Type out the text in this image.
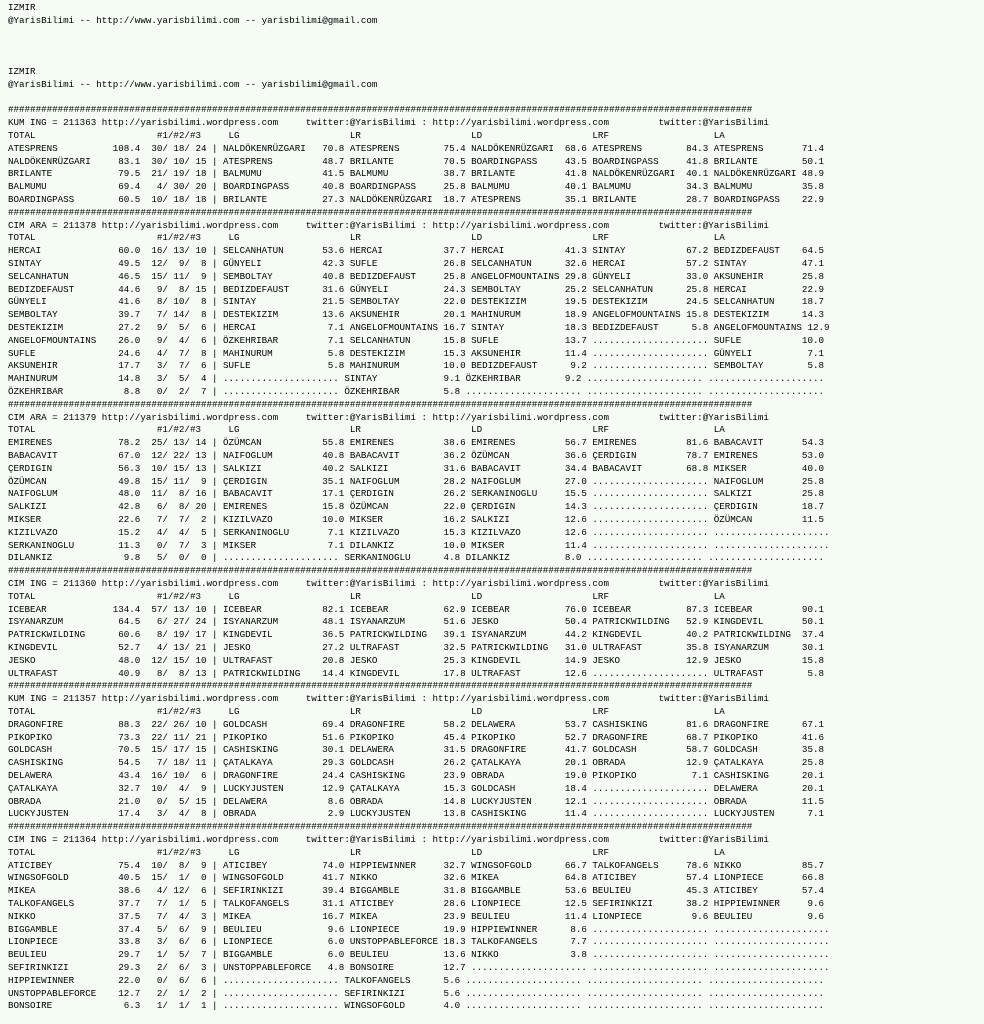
IZMIR
@YarisBilimi -- http://www.yarisbilimi.com -- yarisbilimi@gmail.com
IZMIR
@YarisBilimi -- http://www.yarisbilimi.com -- yarisbilimi@gmail.com
#######################################################################################################################################
KUM ING = 211363 http://yarisbilimi.wordpress.com     twitter:@YarisBilimi : http://yarisbilimi.wordpress.com         twitter:@YarisBilimi
TOTAL                      #1/#2/#3     LG                    LR                    LD                    LRF                   LA
ATESPRENS          108.4  30/ 18/ 24 | NALDÖKENRÜZGARI   70.8 ATESPRENS        75.4 NALDÖKENRÜZGARI  68.6 ATESPRENS        84.3 ATESPRENS       71.4
NALDÖKENRÜZGARI     83.1  30/ 10/ 15 | ATESPRENS         48.7 BRILANTE         70.5 BOARDINGPASS     43.5 BOARDINGPASS     41.8 BRILANTE        50.1
BRILANTE            79.5  21/ 19/ 18 | BALMUMU           41.5 BALMUMU          38.7 BRILANTE         41.8 NALDÖKENRÜZGARI  40.1 NALDÖKENRÜZGARI 48.9
BALMUMU             69.4   4/ 30/ 20 | BOARDINGPASS      40.8 BOARDINGPASS     25.8 BALMUMU          40.1 BALMUMU          34.3 BALMUMU         35.8
BOARDINGPASS        60.5  10/ 18/ 18 | BRILANTE          27.3 NALDÖKENRÜZGARI  18.7 ATESPRENS        35.1 BRILANTE         28.7 BOARDINGPASS    22.9
#######################################################################################################################################
CIM ARA = 211378 http://yarisbilimi.wordpress.com     twitter:@YarisBilimi : http://yarisbilimi.wordpress.com         twitter:@YarisBilimi
TOTAL                      #1/#2/#3     LG                    LR                    LD                    LRF                   LA
HERCAI              60.0  16/ 13/ 10 | SELCANHATUN       53.6 HERCAI           37.7 HERCAI           41.3 SINTAY           67.2 BEDIZDEFAUST    64.5
SINTAY              49.5  12/  9/  8 | GÜNYELI           42.3 SUFLE            26.8 SELCANHATUN      32.6 HERCAI           57.2 SINTAY          47.1
SELCANHATUN         46.5  15/ 11/  9 | SEMBOLTAY         40.8 BEDIZDEFAUST     25.8 ANGELOFMOUNTAINS 29.8 GÜNYELI          33.0 AKSUNEHIR       25.8
BEDIZDEFAUST        44.6   9/  8/ 15 | BEDIZDEFAUST      31.6 GÜNYELI          24.3 SEMBOLTAY        25.2 SELCANHATUN      25.8 HERCAI          22.9
GÜNYELI             41.6   8/ 10/  8 | SINTAY            21.5 SEMBOLTAY        22.0 DESTEKIZIM       19.5 DESTEKIZIM       24.5 SELCANHATUN     18.7
SEMBOLTAY           39.7   7/ 14/  8 | DESTEKIZIM        13.6 AKSUNEHIR        20.1 MAHINURUM        18.9 ANGELOFMOUNTAINS 15.8 DESTEKIZIM      14.3
DESTEKIZIM          27.2   9/  5/  6 | HERCAI             7.1 ANGELOFMOUNTAINS 16.7 SINTAY           18.3 BEDIZDEFAUST      5.8 ANGELOFMOUNTAINS 12.9
ANGELOFMOUNTAINS    26.0   9/  4/  6 | ÖZKEHRIBAR         7.1 SELCANHATUN      15.8 SUFLE            13.7 ..................... SUFLE           10.0
SUFLE               24.6   4/  7/  8 | MAHINURUM          5.8 DESTEKIZIM       15.3 AKSUNEHIR        11.4 ..................... GÜNYELI          7.1
AKSUNEHIR           17.7   3/  7/  6 | SUFLE              5.8 MAHINURUM        10.0 BEDIZDEFAUST      9.2 ..................... SEMBOLTAY        5.8
MAHINURUM           14.8   3/  5/  4 | ..................... SINTAY            9.1 ÖZKEHRIBAR        9.2 ..................... .....................
ÖZKEHRIBAR           8.8   0/  2/  7 | ..................... ÖZKEHRIBAR        5.8 ..................... ..................... .....................
#######################################################################################################################################
CIM ARA = 211379 http://yarisbilimi.wordpress.com     twitter:@YarisBilimi : http://yarisbilimi.wordpress.com         twitter:@YarisBilimi
TOTAL                      #1/#2/#3     LG                    LR                    LD                    LRF                   LA
EMIRENES            78.2  25/ 13/ 14 | ÖZÜMCAN           55.8 EMIRENES         38.6 EMIRENES         56.7 EMIRENES         81.6 BABACAVIT       54.3
BABACAVIT           67.0  12/ 22/ 13 | NAIFOGLUM         40.8 BABACAVIT        36.2 ÖZÜMCAN          36.6 ÇERDIGIN         78.7 EMIRENES        53.0
ÇERDIGIN            56.3  10/ 15/ 13 | SALKIZI           40.2 SALKIZI          31.6 BABACAVIT        34.4 BABACAVIT        68.8 MIKSER          40.0
ÖZÜMCAN             49.8  15/ 11/  9 | ÇERDIGIN          35.1 NAIFOGLUM        28.2 NAIFOGLUM        27.0 ..................... NAIFOGLUM       25.8
NAIFOGLUM           48.0  11/  8/ 16 | BABACAVIT         17.1 ÇERDIGIN         26.2 SERKANINOGLU     15.5 ..................... SALKIZI         25.8
SALKIZI             42.8   6/  8/ 20 | EMIRENES          15.8 ÖZÜMCAN          22.0 ÇERDIGIN         14.3 ..................... ÇERDIGIN        18.7
MIKSER              22.6   7/  7/  2 | KIZILVAZO         10.0 MIKSER           16.2 SALKIZI          12.6 ..................... ÖZÜMCAN         11.5
KIZILVAZO           15.2   4/  4/  5 | SERKANINOGLU       7.1 KIZILVAZO        15.3 KIZILVAZO        12.6 ..................... .....................
SERKANINOGLU        11.3   0/  7/  3 | MIKSER             7.1 DILANKIZ         10.0 MIKSER           11.4 ..................... .....................
DILANKIZ             9.8   5/  0/  0 | ..................... SERKANINOGLU      4.8 DILANKIZ          8.0 ..................... .....................
#######################################################################################################################################
CIM ING = 211360 http://yarisbilimi.wordpress.com     twitter:@YarisBilimi : http://yarisbilimi.wordpress.com         twitter:@YarisBilimi
TOTAL                      #1/#2/#3     LG                    LR                    LD                    LRF                   LA
ICEBEAR            134.4  57/ 13/ 10 | ICEBEAR           82.1 ICEBEAR          62.9 ICEBEAR          76.0 ICEBEAR          87.3 ICEBEAR         90.1
ISYANARZUM          64.5   6/ 27/ 24 | ISYANARZUM        48.1 ISYANARZUM       51.6 JESKO            50.4 PATRICKWILDING   52.9 KINGDEVIL       50.1
PATRICKWILDING      60.6   8/ 19/ 17 | KINGDEVIL         36.5 PATRICKWILDING   39.1 ISYANARZUM       44.2 KINGDEVIL        40.2 PATRICKWILDING  37.4
KINGDEVIL           52.7   4/ 13/ 21 | JESKO             27.2 ULTRAFAST        32.5 PATRICKWILDING   31.0 ULTRAFAST        35.8 ISYANARZUM      30.1
JESKO               48.0  12/ 15/ 10 | ULTRAFAST         20.8 JESKO            25.3 KINGDEVIL        14.9 JESKO            12.9 JESKO           15.8
ULTRAFAST           40.9   8/  8/ 13 | PATRICKWILDING    14.4 KINGDEVIL        17.8 ULTRAFAST        12.6 ..................... ULTRAFAST        5.8
#######################################################################################################################################
KUM ING = 211357 http://yarisbilimi.wordpress.com     twitter:@YarisBilimi : http://yarisbilimi.wordpress.com         twitter:@YarisBilimi
TOTAL                      #1/#2/#3     LG                    LR                    LD                    LRF                   LA
DRAGONFIRE          88.3  22/ 26/ 10 | GOLDCASH          69.4 DRAGONFIRE       58.2 DELAWERA         53.7 CASHISKING       81.6 DRAGONFIRE      67.1
PIKOPIKO            73.3  22/ 11/ 21 | PIKOPIKO          51.6 PIKOPIKO         45.4 PIKOPIKO         52.7 DRAGONFIRE       68.7 PIKOPIKO        41.6
GOLDCASH            70.5  15/ 17/ 15 | CASHISKING        30.1 DELAWERA         31.5 DRAGONFIRE       41.7 GOLDCASH         58.7 GOLDCASH        35.8
CASHISKING          54.5   7/ 18/ 11 | ÇATALKAYA         29.3 GOLDCASH         26.2 ÇATALKAYA        20.1 OBRADA           12.9 ÇATALKAYA       25.8
DELAWERA            43.4  16/ 10/  6 | DRAGONFIRE        24.4 CASHISKING       23.9 OBRADA           19.0 PIKOPIKO          7.1 CASHISKING      20.1
ÇATALKAYA           32.7  10/  4/  9 | LUCKYJUSTEN       12.9 ÇATALKAYA        15.3 GOLDCASH         18.4 ..................... DELAWERA        20.1
OBRADA              21.0   0/  5/ 15 | DELAWERA           8.6 OBRADA           14.8 LUCKYJUSTEN      12.1 ..................... OBRADA          11.5
LUCKYJUSTEN         17.4   3/  4/  8 | OBRADA             2.9 LUCKYJUSTEN      13.8 CASHISKING       11.4 ..................... LUCKYJUSTEN      7.1
#######################################################################################################################################
CIM ING = 211364 http://yarisbilimi.wordpress.com     twitter:@YarisBilimi : http://yarisbilimi.wordpress.com         twitter:@YarisBilimi
TOTAL                      #1/#2/#3     LG                    LR                    LD                    LRF                   LA
ATICIBEY            75.4  10/  8/  9 | ATICIBEY          74.0 HIPPIEWINNER     32.7 WINGSOFGOLD      66.7 TALKOFANGELS     78.6 NIKKO           85.7
WINGSOFGOLD         40.5  15/  1/  0 | WINGSOFGOLD       41.7 NIKKO            32.6 MIKEA            64.8 ATICIBEY         57.4 LIONPIECE       66.8
MIKEA               38.6   4/ 12/  6 | SEFIRINKIZI       39.4 BIGGAMBLE        31.8 BIGGAMBLE        53.6 BEULIEU          45.3 ATICIBEY        57.4
TALKOFANGELS        37.7   7/  1/  5 | TALKOFANGELS      31.1 ATICIBEY         28.6 LIONPIECE        12.5 SEFIRINKIZI      38.2 HIPPIEWINNER     9.6
NIKKO               37.5   7/  4/  3 | MIKEA             16.7 MIKEA            23.9 BEULIEU          11.4 LIONPIECE         9.6 BEULIEU          9.6
BIGGAMBLE           37.4   5/  6/  9 | BEULIEU            9.6 LIONPIECE        19.9 HIPPIEWINNER      8.6 ..................... .....................
LIONPIECE           33.8   3/  6/  6 | LIONPIECE          6.0 UNSTOPPABLEFORCE 18.3 TALKOFANGELS      7.7 ..................... .....................
BEULIEU             29.7   1/  5/  7 | BIGGAMBLE          6.0 BEULIEU          13.6 NIKKO             3.8 ..................... .....................
SEFIRINKIZI         29.3   2/  6/  3 | UNSTOPPABLEFORCE   4.8 BONSOIRE         12.7 ..................... ..................... .....................
HIPPIEWINNER        22.0   0/  6/  6 | ..................... TALKOFANGELS      5.6 ..................... ..................... .....................
UNSTOPPABLEFORCE    12.7   2/  1/  2 | ..................... SEFIRINKIZI       5.6 ..................... ..................... .....................
BONSOIRE             6.3   1/  1/  1 | ..................... WINGSOFGOLD       4.0 ..................... ..................... .....................
